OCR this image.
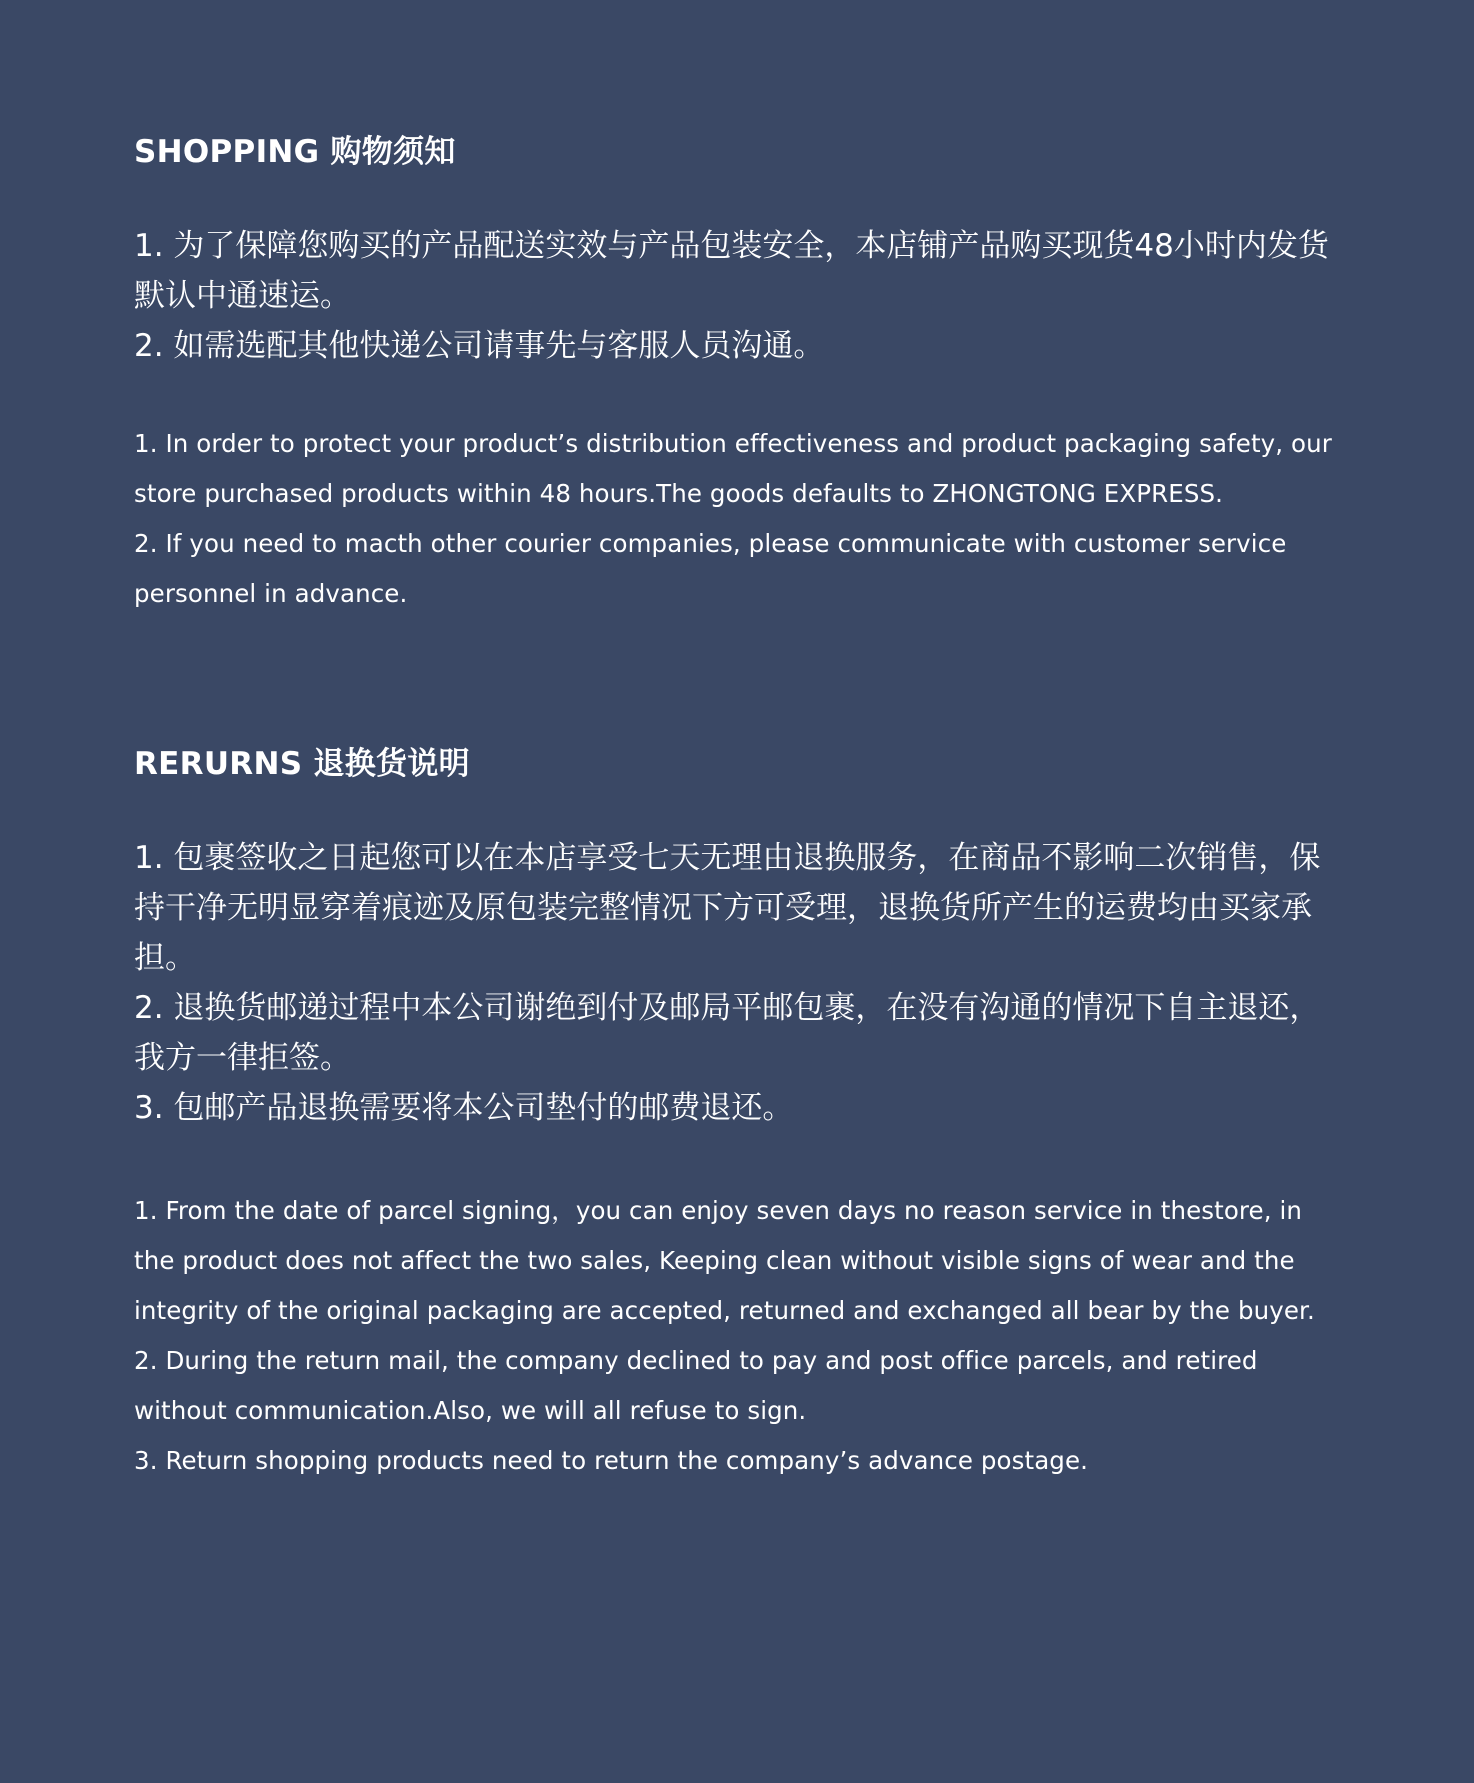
SHOPPING 购物须知
1. 为了保障您购买的产品配送实效与产品包装安全，本店铺产品购买现货48小时内发货默认中通速运。
2. 如需选配其他快递公司请事先与客服人员沟通。
1. In order to protect your product’s distribution effectiveness and product packaging safety, our store purchased products within 48 hours.The goods defaults to ZHONGTONG EXPRESS.
2. If you need to macth other courier companies, please communicate with customer service personnel in advance.
RERURNS 退换货说明
1. 包裹签收之日起您可以在本店享受七天无理由退换服务，在商品不影响二次销售，保持干净无明显穿着痕迹及原包装完整情况下方可受理，退换货所产生的运费均由买家承担。
2. 退换货邮递过程中本公司谢绝到付及邮局平邮包裹，在没有沟通的情况下自主退还，我方一律拒签。
3. 包邮产品退换需要将本公司垫付的邮费退还。
1. From the date of parcel signing，you can enjoy seven days no reason service in thestore, in the product does not affect the two sales, Keeping clean without visible signs of wear and the integrity of the original packaging are accepted, returned and exchanged all bear by the buyer.
2. During the return mail, the company declined to pay and post office parcels, and retired without communication.Also, we will all refuse to sign.
3. Return shopping products need to return the company’s advance postage.
